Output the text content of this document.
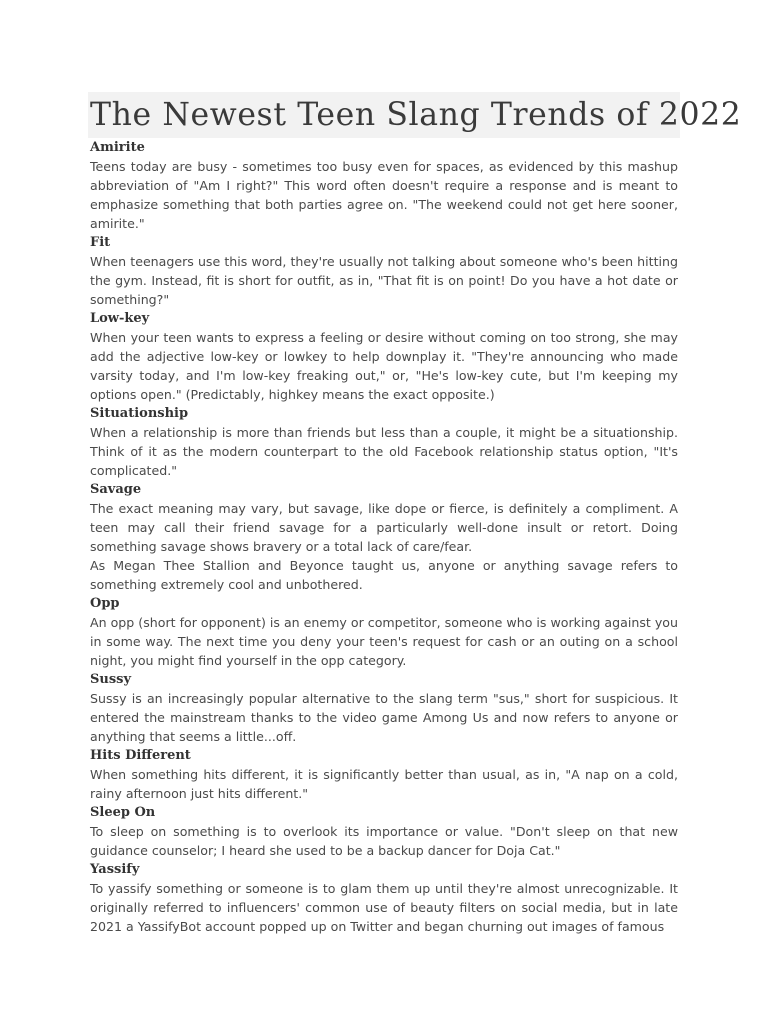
The Newest Teen Slang Trends of 2022
Amirite

Teens today are busy - sometimes too busy even for spaces, as evidenced by this mashup abbreviation of "Am I right?" This word often doesn't require a response and is meant to emphasize something that both parties agree on. "The weekend could not get here sooner, amirite."

Fit

When teenagers use this word, they're usually not talking about someone who's been hitting the gym. Instead, fit is short for outfit, as in, "That fit is on point! Do you have a hot date or something?"

Low-key

When your teen wants to express a feeling or desire without coming on too strong, she may add the adjective low-key or lowkey to help downplay it. "They're announcing who made varsity today, and I'm low-key freaking out," or, "He's low-key cute, but I'm keeping my options open." (Predictably, highkey means the exact opposite.)

Situationship

When a relationship is more than friends but less than a couple, it might be a situationship. Think of it as the modern counterpart to the old Facebook relationship status option, "It's complicated."

Savage

The exact meaning may vary, but savage, like dope or fierce, is definitely a compliment. A teen may call their friend savage for a particularly well-done insult or retort. Doing something savage shows bravery or a total lack of care/fear.

As Megan Thee Stallion and Beyonce taught us, anyone or anything savage refers to something extremely cool and unbothered.

Opp

An opp (short for opponent) is an enemy or competitor, someone who is working against you in some way. The next time you deny your teen's request for cash or an outing on a school night, you might find yourself in the opp category.

Sussy

Sussy is an increasingly popular alternative to the slang term "sus," short for suspicious. It entered the mainstream thanks to the video game Among Us and now refers to anyone or anything that seems a little...off.

Hits Different

When something hits different, it is significantly better than usual, as in, "A nap on a cold, rainy afternoon just hits different."

Sleep On

To sleep on something is to overlook its importance or value. "Don't sleep on that new guidance counselor; I heard she used to be a backup dancer for Doja Cat."

Yassify

To yassify something or someone is to glam them up until they're almost unrecognizable. It originally referred to influencers' common use of beauty filters on social media, but in late 2021 a YassifyBot account popped up on Twitter and began churning out images of famous
